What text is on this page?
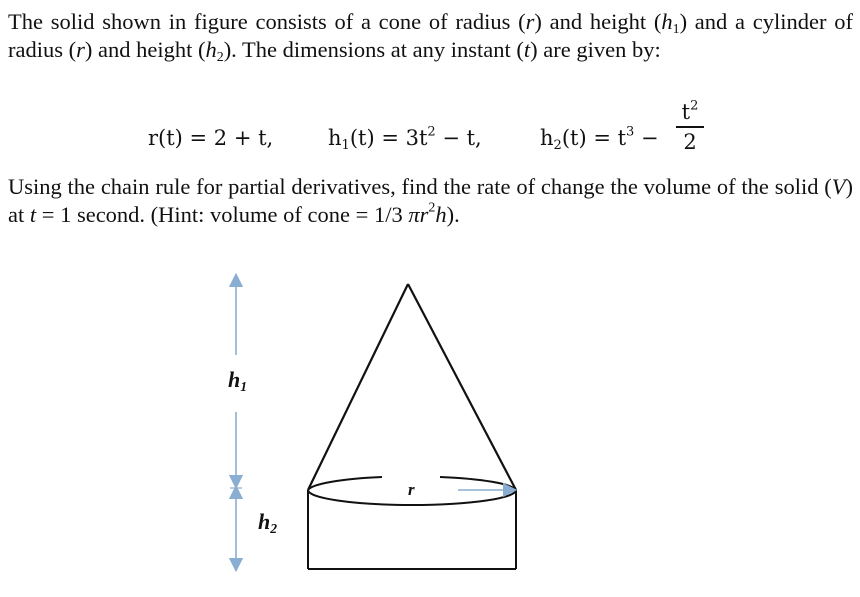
The solid shown in figure consists of a cone of radius (r) and height $(h_1)$ and a cylinder of radius (r) and height $(h_2)$. The dimensions at any instant (t) are given by:
r(t) = 2 + t,	$h_1(t) = 3t^2 - t$,	$h_2(t) = t^3$ −
$t^2$
2
Using the chain rule for partial derivatives, find the rate of change the volume of the solid (V) at t = 1 second. (Hint: volume of cone = 1/3 $\pi r^2h$).
$h_1$
$h_2$
r
